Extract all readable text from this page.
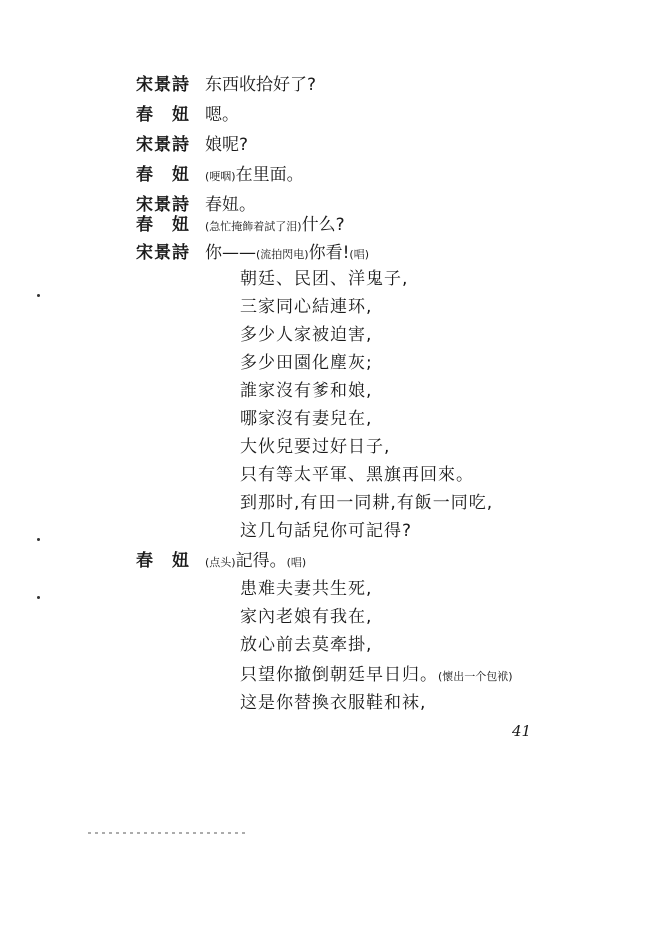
宋景詩 东西收拾好了?
春　妞 嗯。
宋景詩 娘呢?
春　妞	(哽咽)在里面。
宋景詩 春妞。
春　妞	(急忙掩飾着試了泪)什么?
宋景詩 你——(流拍閃电)你看!(唱)
朝廷、民团、洋鬼子,
三家同心結連环,
多少人家被迫害,
多少田園化塵灰;
誰家沒有爹和娘,
哪家沒有妻兒在,
大伙兒要过好日子,
只有等太平軍、黑旗再回來。
到那时,有田一同耕,有飯一同吃,
这几句話兒你可記得?
春　妞	(点头)記得。(唱)
患难夫妻共生死,
家內老娘有我在,
放心前去莫牽掛,
只望你撤倒朝廷早日归。(懷出一个包袱)
这是你替換衣服鞋和袜,
41
